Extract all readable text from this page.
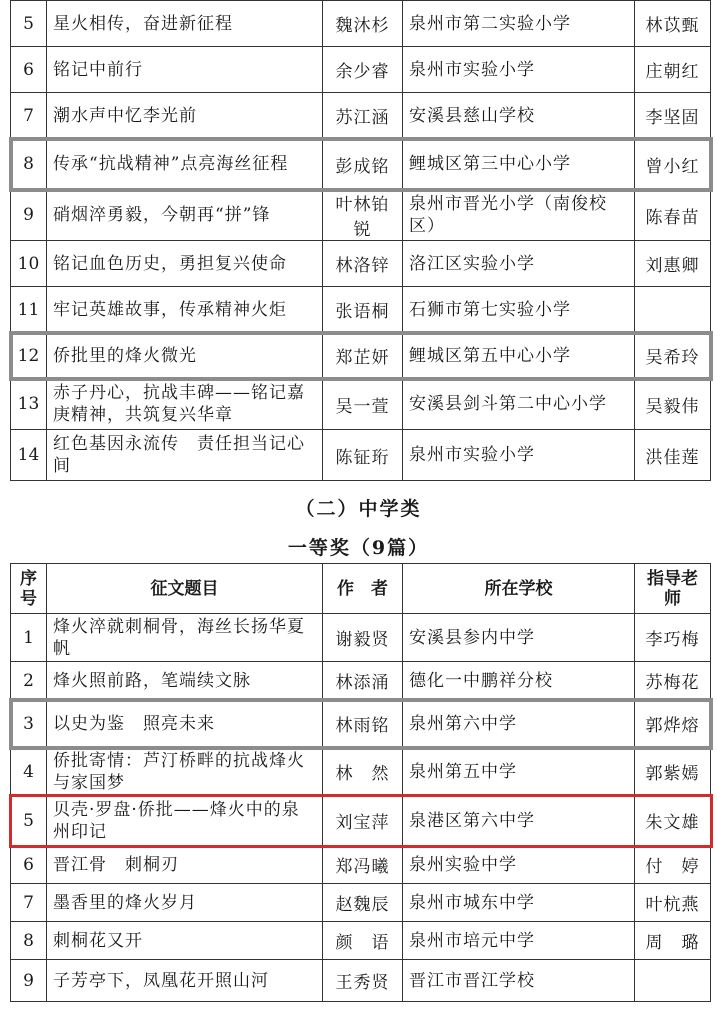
5	星火相传，奋进新征程	魏沐杉	泉州市第二实验小学	林苡甄
6	铭记中前行	余少睿	泉州市实验小学	庄朝红
7	潮水声中忆李光前	苏江涵	安溪县慈山学校	李坚固
8	传承“抗战精神”点亮海丝征程	彭成铭	鲤城区第三中心小学	曾小红
9	硝烟淬勇毅，今朝再“拼”锋	叶林铂锐	泉州市晋光小学（南俊校区）	陈春苗
10	铭记血色历史，勇担复兴使命	林洛锌	洛江区实验小学	刘惠卿
11	牢记英雄故事，传承精神火炬	张语桐	石狮市第七实验小学	
12	侨批里的烽火微光	郑芷妍	鲤城区第五中心小学	吴希玲
13	赤子丹心，抗战丰碑——铭记嘉庚精神，共筑复兴华章	吴一萱	安溪县剑斗第二中心小学	吴毅伟
14	红色基因永流传　责任担当记心间	陈钲珩	泉州市实验小学	洪佳莲
（二）中学类
一等奖（9篇）
序号	征文题目	作　者	所在学校	指导老师
1	烽火淬就刺桐骨，海丝长扬华夏帆	谢毅贤	安溪县参内中学	李巧梅
2	烽火照前路，笔端续文脉	林添涌	德化一中鹏祥分校	苏梅花
3	以史为鉴　照亮未来	林雨铭	泉州第六中学	郭烨熔
4	侨批寄情：芦汀桥畔的抗战烽火与家国梦	林　然	泉州第五中学	郭紫嫣
5	贝壳·罗盘·侨批——烽火中的泉州印记	刘宝萍	泉港区第六中学	朱文雄
6	晋江骨　刺桐刃	郑冯曦	泉州实验中学	付　婷
7	墨香里的烽火岁月	赵魏辰	泉州市城东中学	叶杭燕
8	刺桐花又开	颜　语	泉州市培元中学	周　璐
9	子芳亭下，凤凰花开照山河	王秀贤	晋江市晋江学校	
